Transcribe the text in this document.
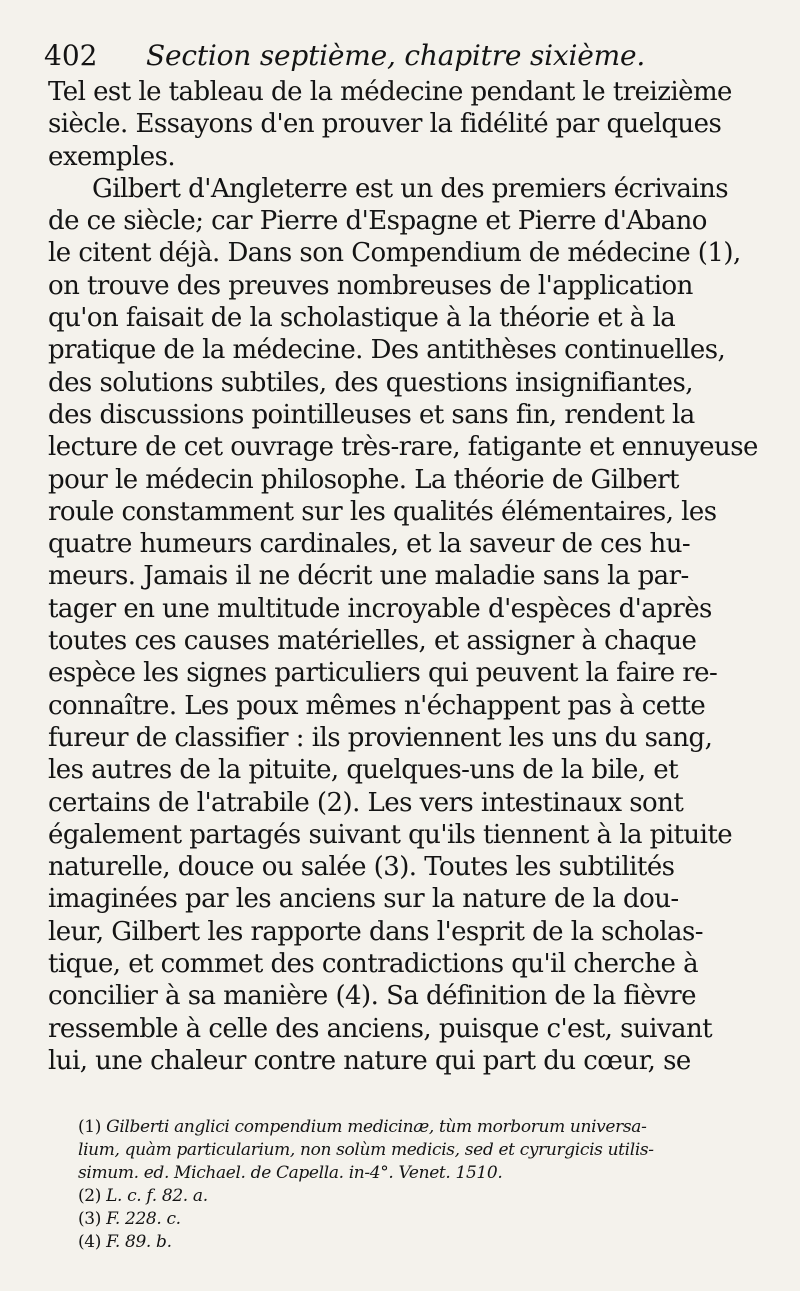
402 Section septième, chapitre sixième.
Tel est le tableau de la médecine pendant le treizième
siècle. Essayons d'en prouver la fidélité par quelques
exemples.
Gilbert d'Angleterre est un des premiers écrivains
de ce siècle; car Pierre d'Espagne et Pierre d'Abano
le citent déjà. Dans son Compendium de médecine (1),
on trouve des preuves nombreuses de l'application
qu'on faisait de la scholastique à la théorie et à la
pratique de la médecine. Des antithèses continuelles,
des solutions subtiles, des questions insignifiantes,
des discussions pointilleuses et sans fin, rendent la
lecture de cet ouvrage très-rare, fatigante et ennuyeuse
pour le médecin philosophe. La théorie de Gilbert
roule constamment sur les qualités élémentaires, les
quatre humeurs cardinales, et la saveur de ces hu-
meurs. Jamais il ne décrit une maladie sans la par-
tager en une multitude incroyable d'espèces d'après
toutes ces causes matérielles, et assigner à chaque
espèce les signes particuliers qui peuvent la faire re-
connaître. Les poux mêmes n'échappent pas à cette
fureur de classifier : ils proviennent les uns du sang,
les autres de la pituite, quelques-uns de la bile, et
certains de l'atrabile (2). Les vers intestinaux sont
également partagés suivant qu'ils tiennent à la pituite
naturelle, douce ou salée (3). Toutes les subtilités
imaginées par les anciens sur la nature de la dou-
leur, Gilbert les rapporte dans l'esprit de la scholas-
tique, et commet des contradictions qu'il cherche à
concilier à sa manière (4). Sa définition de la fièvre
ressemble à celle des anciens, puisque c'est, suivant
lui, une chaleur contre nature qui part du cœur, se
(1) Gilberti anglici compendium medicinæ, tùm morborum universa-
lium, quàm particularium, non solùm medicis, sed et cyrurgicis utilis-
simum. ed. Michael. de Capella. in-4°. Venet. 1510.
(2) L. c. f. 82. a.
(3) F. 228. c.
(4) F. 89. b.
